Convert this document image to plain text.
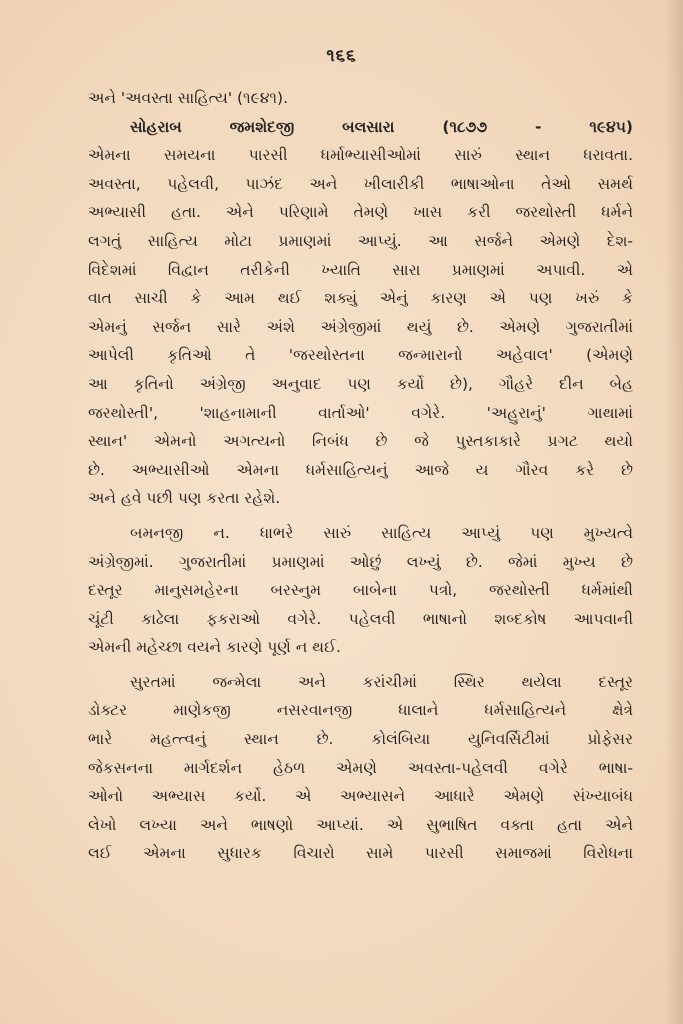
૧૬૬
અને 'અવસ્તા સાહિત્ય' (૧૯૪૧).
સોહરાબ જમશેદજી બલસારા (૧૮૭૭ - ૧૯૪૫)
એમના સમયના પારસી ધર્માભ્યાસીઓમાં સારું સ્થાન ધરાવતા.
અવસ્તા, પહેલવી, પાઝંદ અને ખીલારીકી ભાષાઓના તેઓ સમર્થ
અભ્યાસી હતા. એને પરિણામે તેમણે ખાસ કરી જરથોસ્તી ધર્મને
લગતું સાહિત્ય મોટા પ્રમાણમાં આપ્યું. આ સર્જને એમણે દેશ-
વિદેશમાં વિદ્વાન તરીકેની ખ્યાતિ સારા પ્રમાણમાં અપાવી. એ
વાત સાચી કે આમ થઈ શક્યું એનું કારણ એ પણ ખરું કે
એમનું સર્જન સારે અંશે અંગ્રેજીમાં થયું છે. એમણે ગુજરાતીમાં
આપેલી કૃતિઓ તે 'જરથોસ્તના જન્મારાનો અહેવાલ' (એમણે
આ કૃતિનો અંગ્રેજી અનુવાદ પણ કર્યો છે), ગૌહરે દીન બેહ
જરથોસ્તી', 'શાહનામાની વાર્તાઓ' વગેરે. 'અહુરાનું' ગાથામાં
સ્થાન' એમનો અગત્યનો નિબંધ છે જે પુસ્તકાકારે પ્રગટ થયો
છે. અભ્યાસીઓ એમના ધર્મસાહિત્યનું આજે ય ગૌરવ કરે છે
અને હવે પછી પણ કરતા રહેશે.
બમનજી ન. ધાભરે સારું સાહિત્ય આપ્યું પણ મુખ્યત્વે
અંગ્રેજીમાં. ગુજરાતીમાં પ્રમાણમાં ઓછું લખ્યું છે. જેમાં મુખ્ય છે
દસ્તૂર માનુસમહેરના બરસ્નુમ બાબેના પત્રો, જરથોસ્તી ધર્મમાંથી
ચૂંટી કાઢેલા ફકરાઓ વગેરે. પહેલવી ભાષાનો શબ્દકોષ આપવાની
એમની મહેચ્છા વયને કારણે પૂર્ણ ન થઈ.
સુરતમાં જન્મેલા અને કરાંચીમાં સ્થિર થયેલા દસ્તૂર
ડોક્ટર માણેકજી નસરવાનજી ધાલાને ધર્મસાહિત્યને ક્ષેત્રે
ભારે મહત્ત્વનું સ્થાન છે. કોલંબિયા યુનિવર્સિટીમાં પ્રોફેસર
જેકસનના માર્ગદર્શન હેઠળ એમણે અવસ્તા-પહેલવી વગેરે ભાષા-
ઓનો અભ્યાસ કર્યો. એ અભ્યાસને આધારે એમણે સંખ્યાબંધ
લેખો લખ્યા અને ભાષણો આપ્યાં. એ સુભાષિત વક્તા હતા એને
લઈ એમના સુધારક વિચારો સામે પારસી સમાજમાં વિરોધના
